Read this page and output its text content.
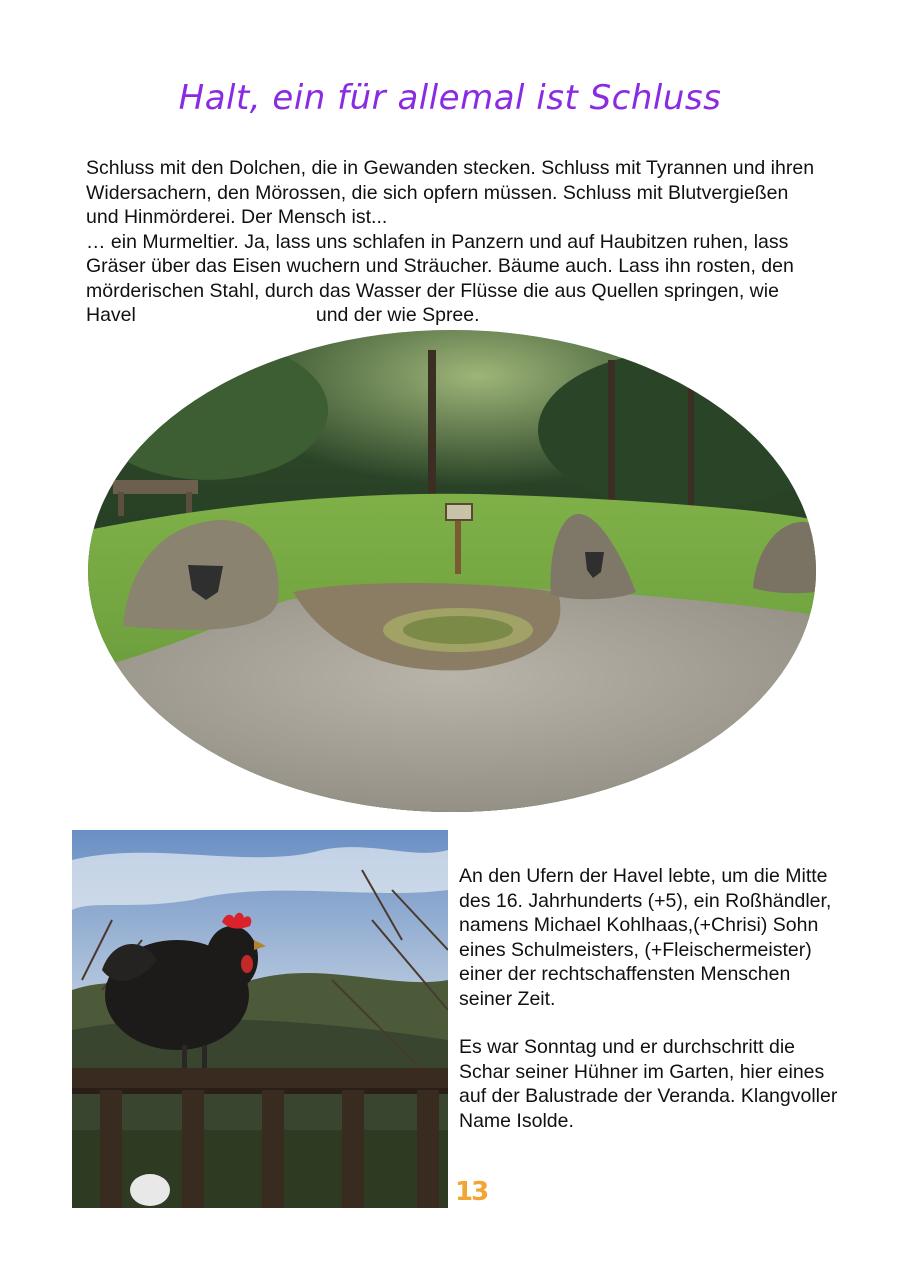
Halt, ein für allemal ist Schluss

Schluss mit den Dolchen, die in Gewanden stecken. Schluss mit Tyrannen und ihren Widersachern, den Mörossen, die sich opfern müssen. Schluss mit Blutvergießen und Hinmörderei. Der Mensch ist...

… ein Murmeltier. Ja, lass uns schlafen in Panzern und auf Haubitzen ruhen, lass Gräser über das Eisen wuchern und Sträucher. Bäume auch. Lass ihn rosten, den mörderischen Stahl, durch das Wasser der Flüsse die aus Quellen springen, wie Havel	und der wie Spree.

An den Ufern der Havel lebte, um die Mitte des 16. Jahrhunderts (+5), ein Roßhändler, namens Michael Kohlhaas,(+Chrisi) Sohn eines Schulmeisters, (+Fleischermeister) einer der rechtschaffensten Menschen seiner Zeit.

Es war Sonntag und er durchschritt die Schar seiner Hühner im Garten, hier eines auf der Balustrade der Veranda. Klangvoller Name Isolde.

13
